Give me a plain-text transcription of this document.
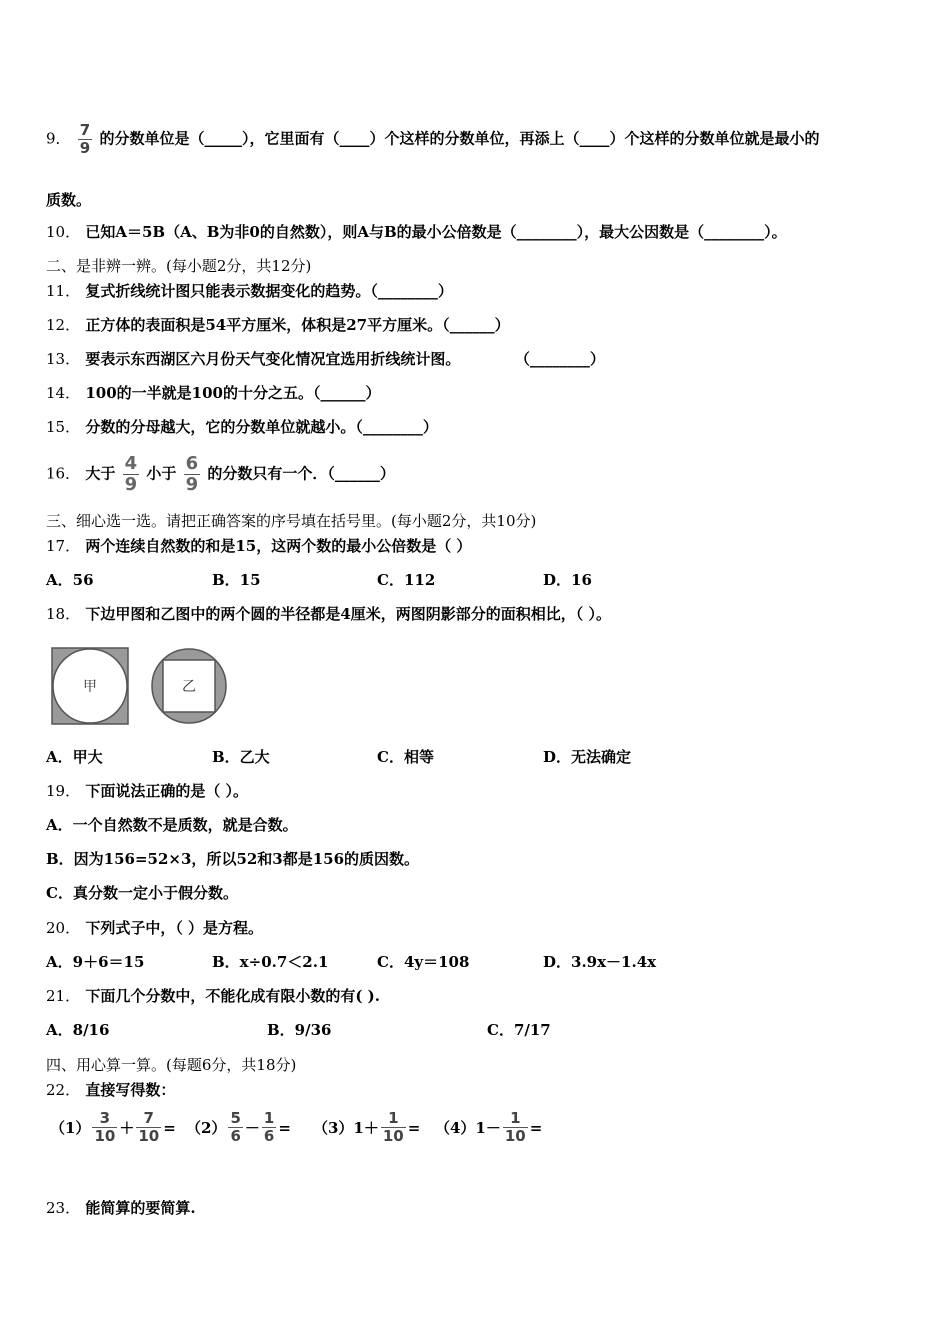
9． $\frac{7}{9}$ 的分数单位是（_____），它里面有（____）个这样的分数单位，再添上（____）个这样的分数单位就是最小的
质数。
10． 已知A＝5B（A、B为非0的自然数），则A与B的最小公倍数是（________），最大公因数是（________）。
二、是非辨一辨。(每小题2分，共12分)
11． 复式折线统计图只能表示数据变化的趋势。（________）
12． 正方体的表面积是54平方厘米，体积是27平方厘米。（______）
13． 要表示东西湖区六月份天气变化情况宜选用折线统计图。	（________）
14． 100的一半就是100的十分之五。（______）
15． 分数的分母越大，它的分数单位就越小。（________）
16． 大于 $\frac{4}{9}$ 小于 $\frac{6}{9}$ 的分数只有一个．（______）
三、细心选一选。请把正确答案的序号填在括号里。(每小题2分，共10分)
17． 两个连续自然数的和是15，这两个数的最小公倍数是（ ）
A．56	B．15	C．112	D．16
18． 下边甲图和乙图中的两个圆的半径都是4厘米，两图阴影部分的面积相比，（ ）。
甲	乙
A．甲大	B．乙大	C．相等	D．无法确定
19． 下面说法正确的是（ ）。
A．一个自然数不是质数，就是合数。
B．因为156=52×3，所以52和3都是156的质因数。
C．真分数一定小于假分数。
20． 下列式子中，（ ）是方程。
A．9＋6＝15	B．x÷0.7＜2.1	C．4y＝108	D．3.9x－1.4x
21． 下面几个分数中，不能化成有限小数的有( ).
A．8/16	B．9/36	C．7/17
四、用心算一算。(每题6分，共18分)
22． 直接写得数：
$(1) \frac{3}{10} + \frac{7}{10} = (2) \frac{5}{6} - \frac{1}{6} = (3)1+ \frac{1}{10} = (4)1- \frac{1}{10}$ =
23． 能简算的要简算.
